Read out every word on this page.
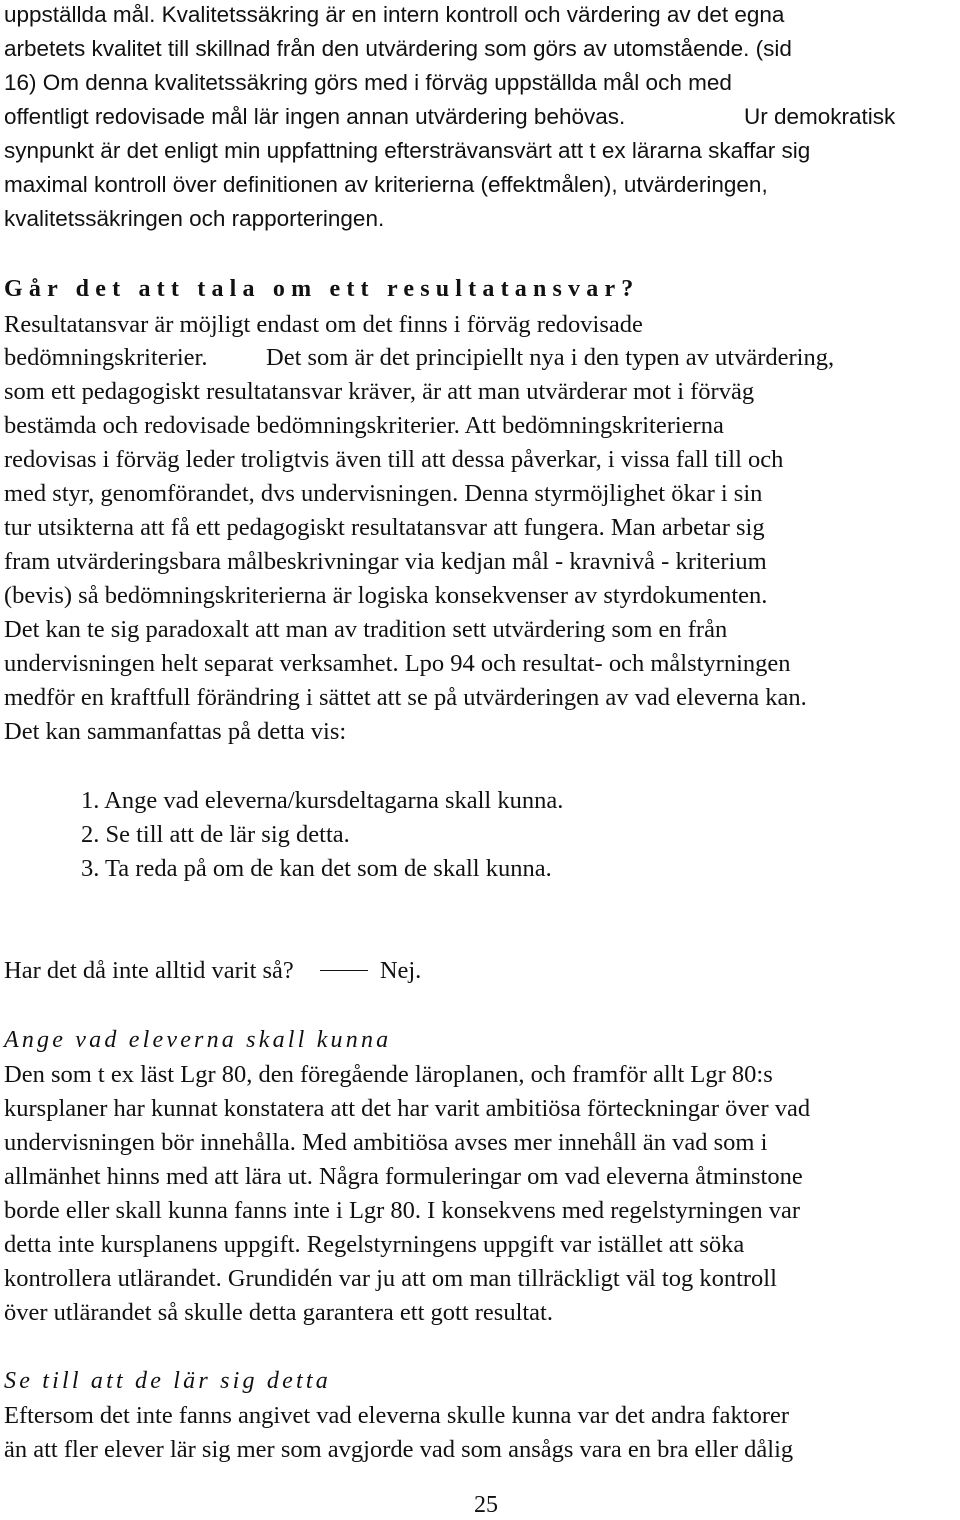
uppställda mål. Kvalitetssäkring är en intern kontroll och värdering av det egna
arbetets kvalitet till skillnad från den utvärdering som görs av utomstående. (sid
16) Om denna kvalitetssäkring görs med i förväg uppställda mål och med
offentligt redovisade mål lär ingen annan utvärdering behövas.	Ur demokratisk
synpunkt är det enligt min uppfattning eftersträvansvärt att t ex lärarna skaffar sig
maximal kontroll över definitionen av kriterierna (effektmålen), utvärderingen,
kvalitetssäkringen och rapporteringen.
Går det att tala om ett resultatansvar?
Resultatansvar är möjligt endast om det finns i förväg redovisade
bedömningskriterier. Det som är det principiellt nya i den typen av utvärdering,
som ett pedagogiskt resultatansvar kräver, är att man utvärderar mot i förväg
bestämda och redovisade bedömningskriterier. Att bedömningskriterierna
redovisas i förväg leder troligtvis även till att dessa påverkar, i vissa fall till och
med styr, genomförandet, dvs undervisningen. Denna styrmöjlighet ökar i sin
tur utsikterna att få ett pedagogiskt resultatansvar att fungera. Man arbetar sig
fram utvärderingsbara målbeskrivningar via kedjan mål - kravnivå - kriterium
(bevis) så bedömningskriterierna är logiska konsekvenser av styrdokumenten.
Det kan te sig paradoxalt att man av tradition sett utvärdering som en från
undervisningen helt separat verksamhet. Lpo 94 och resultat- och målstyrningen
medför en kraftfull förändring i sättet att se på utvärderingen av vad eleverna kan.
Det kan sammanfattas på detta vis:
1. Ange vad eleverna/kursdeltagarna skall kunna.
2. Se till att de lär sig detta.
3. Ta reda på om de kan det som de skall kunna.
Har det då inte alltid varit så?	Nej.
Ange vad eleverna skall kunna
Den som t ex läst Lgr 80, den föregående läroplanen, och framför allt Lgr 80:s
kursplaner har kunnat konstatera att det har varit ambitiösa förteckningar över vad
undervisningen bör innehålla. Med ambitiösa avses mer innehåll än vad som i
allmänhet hinns med att lära ut. Några formuleringar om vad eleverna åtminstone
borde eller skall kunna fanns inte i Lgr 80. I konsekvens med regelstyrningen var
detta inte kursplanens uppgift. Regelstyrningens uppgift var istället att söka
kontrollera utlärandet. Grundidén var ju att om man tillräckligt väl tog kontroll
över utlärandet så skulle detta garantera ett gott resultat.
Se till att de lär sig detta
Eftersom det inte fanns angivet vad eleverna skulle kunna var det andra faktorer
än att fler elever lär sig mer som avgjorde vad som ansågs vara en bra eller dålig
25
